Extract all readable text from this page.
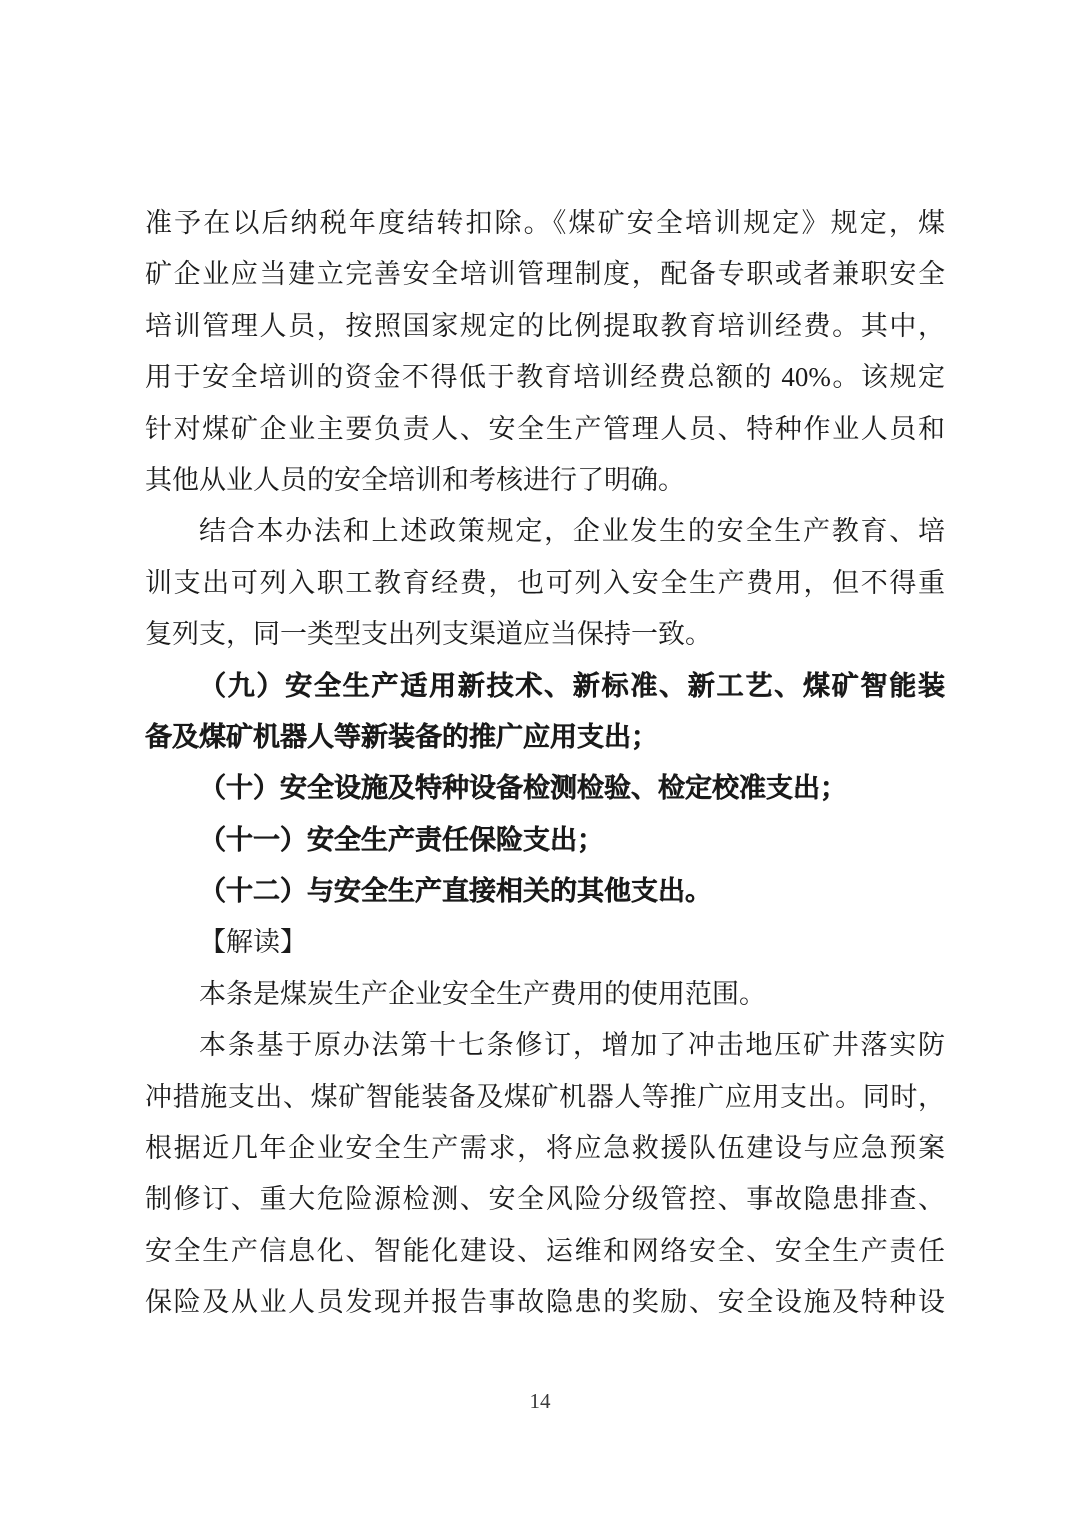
准予在以后纳税年度结转扣除。《煤矿安全培训规定》规定，煤
矿企业应当建立完善安全培训管理制度，配备专职或者兼职安全
培训管理人员，按照国家规定的比例提取教育培训经费。其中，
用于安全培训的资金不得低于教育培训经费总额的 40%。该规定
针对煤矿企业主要负责人、安全生产管理人员、特种作业人员和
其他从业人员的安全培训和考核进行了明确。

结合本办法和上述政策规定，企业发生的安全生产教育、培
训支出可列入职工教育经费，也可列入安全生产费用，但不得重
复列支，同一类型支出列支渠道应当保持一致。

（九）安全生产适用新技术、新标准、新工艺、煤矿智能装
备及煤矿机器人等新装备的推广应用支出；

（十）安全设施及特种设备检测检验、检定校准支出；

（十一）安全生产责任保险支出；

（十二）与安全生产直接相关的其他支出。

【解读】

本条是煤炭生产企业安全生产费用的使用范围。

本条基于原办法第十七条修订，增加了冲击地压矿井落实防
冲措施支出、煤矿智能装备及煤矿机器人等推广应用支出。同时，
根据近几年企业安全生产需求，将应急救援队伍建设与应急预案
制修订、重大危险源检测、安全风险分级管控、事故隐患排查、
安全生产信息化、智能化建设、运维和网络安全、安全生产责任
保险及从业人员发现并报告事故隐患的奖励、安全设施及特种设

14
